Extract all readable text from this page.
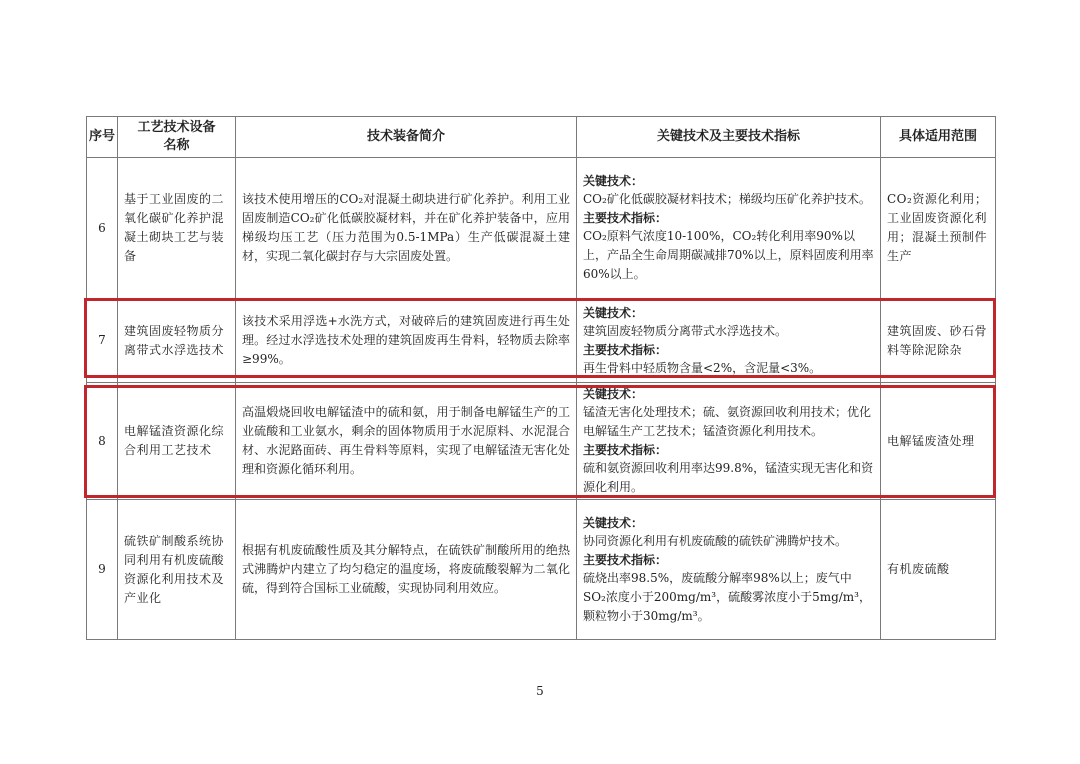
序号	工艺技术设备名称	技术装备简介	关键技术及主要技术指标	具体适用范围
6	基于工业固废的二氧化碳矿化养护混凝土砌块工艺与装备	该技术使用增压的CO₂对混凝土砌块进行矿化养护。利用工业固废制造CO₂矿化低碳胶凝材料，并在矿化养护装备中，应用梯级均压工艺（压力范围为0.5-1MPa）生产低碳混凝土建材，实现二氧化碳封存与大宗固废处置。	关键技术：
CO₂矿化低碳胶凝材料技术；梯级均压矿化养护技术。
主要技术指标：
CO₂原料气浓度10-100%，CO₂转化利用率90%以上，产品全生命周期碳减排70%以上，原料固废利用率60%以上。	CO₂资源化利用；工业固废资源化利用；混凝土预制件生产
7	建筑固废轻物质分离带式水浮选技术	该技术采用浮选+水洗方式，对破碎后的建筑固废进行再生处理。经过水浮选技术处理的建筑固废再生骨料，轻物质去除率≥99%。	关键技术：
建筑固废轻物质分离带式水浮选技术。
主要技术指标：
再生骨料中轻质物含量<2%，含泥量<3%。	建筑固废、砂石骨料等除泥除杂
8	电解锰渣资源化综合利用工艺技术	高温煅烧回收电解锰渣中的硫和氨，用于制备电解锰生产的工业硫酸和工业氨水，剩余的固体物质用于水泥原料、水泥混合材、水泥路面砖、再生骨料等原料，实现了电解锰渣无害化处理和资源化循环利用。	关键技术：
锰渣无害化处理技术；硫、氨资源回收利用技术；优化电解锰生产工艺技术；锰渣资源化利用技术。
主要技术指标：
硫和氨资源回收利用率达99.8%，锰渣实现无害化和资源化利用。	电解锰废渣处理
9	硫铁矿制酸系统协同利用有机废硫酸资源化利用技术及产业化	根据有机废硫酸性质及其分解特点，在硫铁矿制酸所用的绝热式沸腾炉内建立了均匀稳定的温度场，将废硫酸裂解为二氧化硫，得到符合国标工业硫酸，实现协同利用效应。	关键技术：
协同资源化利用有机废硫酸的硫铁矿沸腾炉技术。
主要技术指标：
硫烧出率98.5%，废硫酸分解率98%以上；废气中SO₂浓度小于200mg/m³，硫酸雾浓度小于5mg/m³，颗粒物小于30mg/m³。	有机废硫酸
5
